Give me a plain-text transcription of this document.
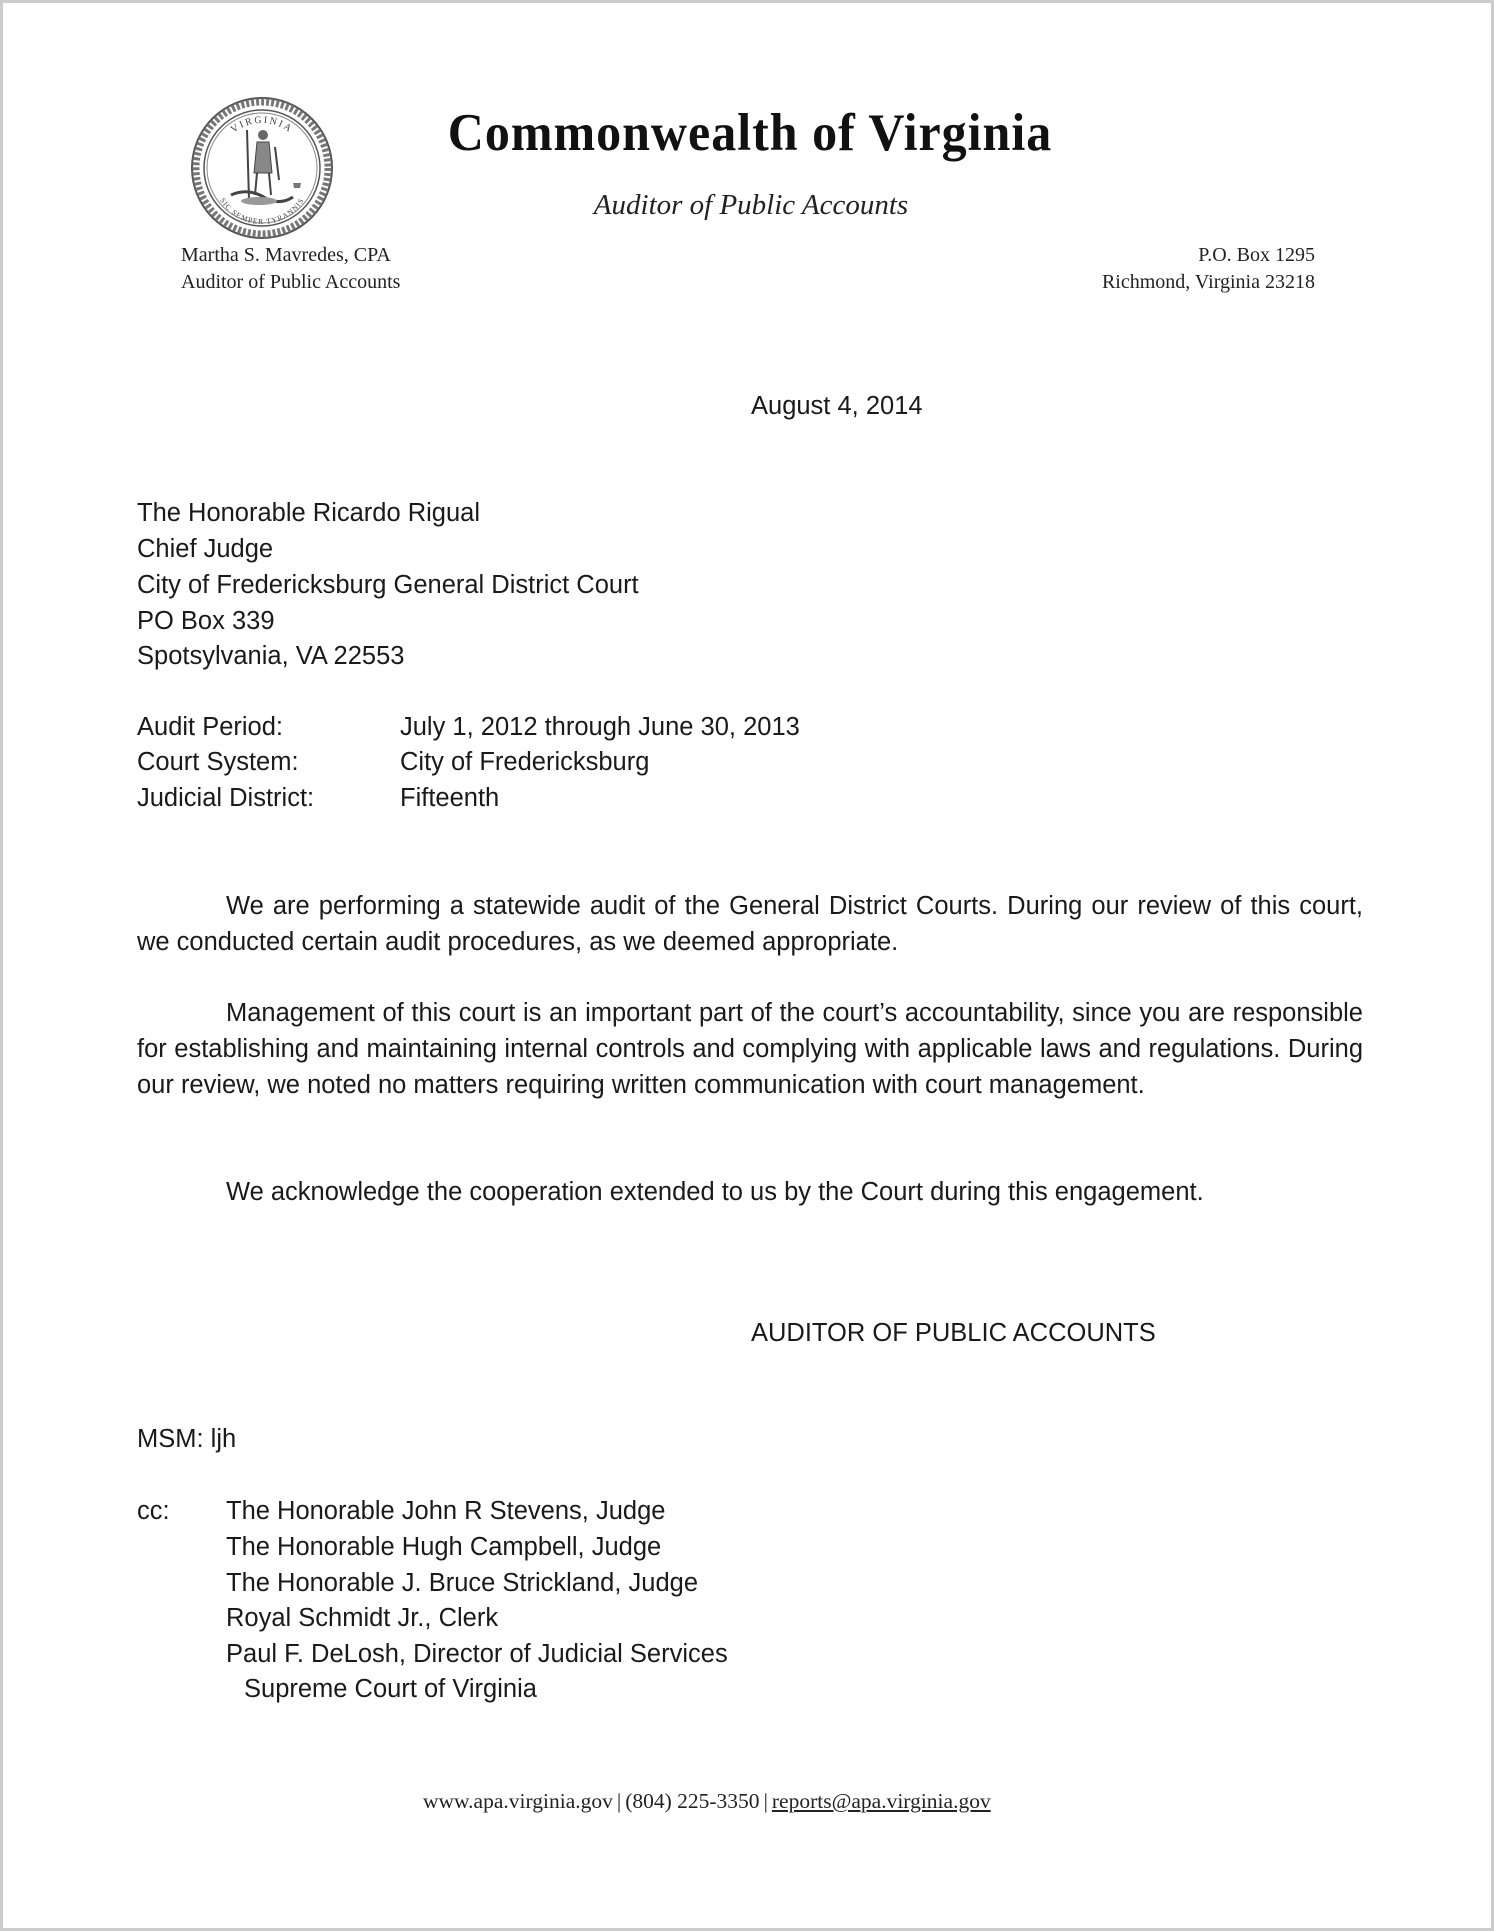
VIRGINIA
SIC SEMPER TYRANNIS
Commonwealth of Virginia
Auditor of Public Accounts
Martha S. Mavredes, CPA
Auditor of Public Accounts
P.O. Box 1295
Richmond, Virginia 23218
August 4, 2014
The Honorable Ricardo Rigual
Chief Judge
City of Fredericksburg General District Court
PO Box 339
Spotsylvania, VA 22553
Audit Period:	July 1, 2012 through June 30, 2013
Court System:	City of Fredericksburg
Judicial District:	Fifteenth
We are performing a statewide audit of the General District Courts. During our review of this court, we conducted certain audit procedures, as we deemed appropriate.
Management of this court is an important part of the court’s accountability, since you are responsible for establishing and maintaining internal controls and complying with applicable laws and regulations. During our review, we noted no matters requiring written communication with court management.
We acknowledge the cooperation extended to us by the Court during this engagement.
AUDITOR OF PUBLIC ACCOUNTS
MSM: ljh
cc: The Honorable John R Stevens, Judge
The Honorable Hugh Campbell, Judge
The Honorable J. Bruce Strickland, Judge
Royal Schmidt Jr., Clerk
Paul F. DeLosh, Director of Judicial Services
Supreme Court of Virginia
www.apa.virginia.gov | (804) 225-3350 | reports@apa.virginia.gov
